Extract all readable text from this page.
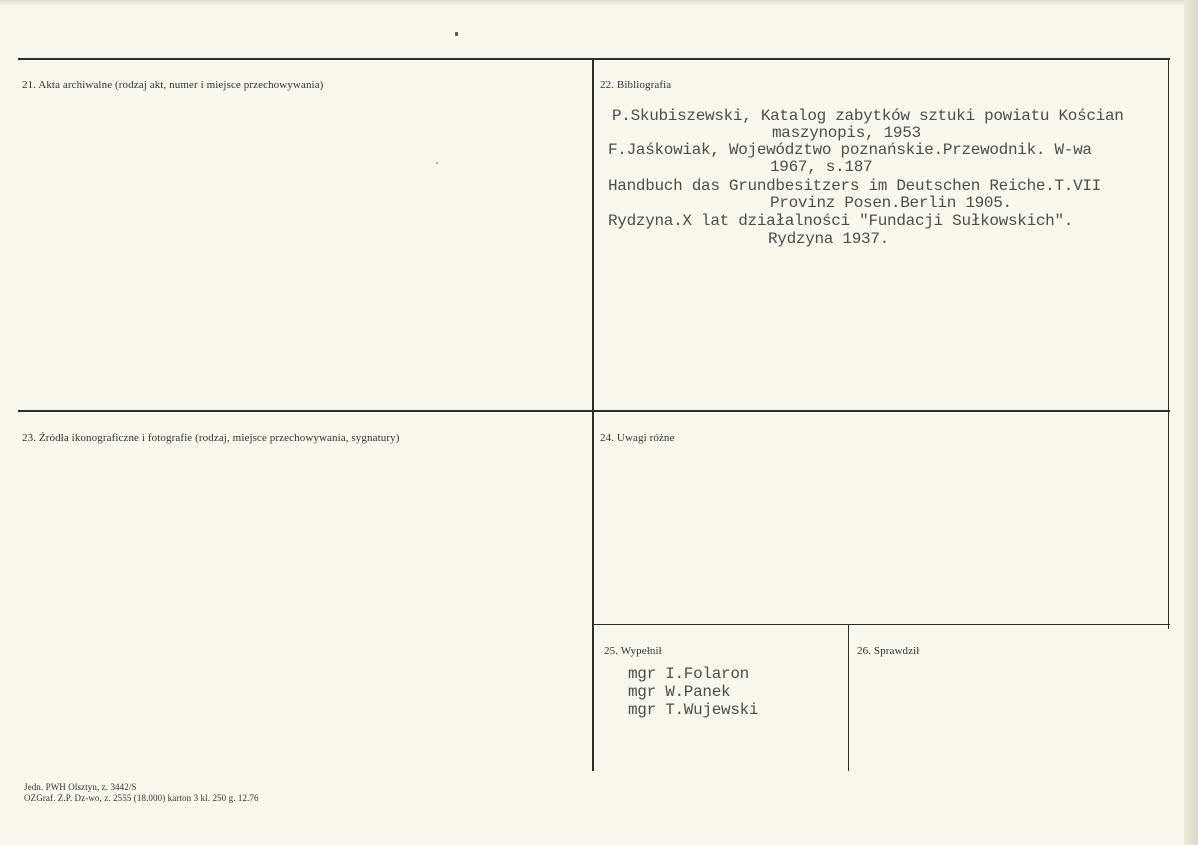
21. Akta archiwalne (rodzaj akt, numer i miejsce przechowywania)	22. Bibliografia
P.Skubiszewski, Katalog zabytków sztuki powiatu Kościan
maszynopis, 1953
F.Jaśkowiak, Województwo poznańskie.Przewodnik. W-wa
1967, s.187
Handbuch das Grundbesitzers im Deutschen Reiche.T.VII
Provinz Posen.Berlin 1905.
Rydzyna.X lat działalności "Fundacji Sułkowskich".
Rydzyna 1937.
23. Źródła ikonograficzne i fotografie (rodzaj, miejsce przechowywania, sygnatury)	24. Uwagi różne
25. Wypełnił
mgr I.Folaron
mgr W.Panek
mgr T.Wujewski
26. Sprawdził
Jedn. PWH Olsztyn, z. 3442/S
OZGraf. Z.P. Dz-wo, z. 2555 (18.000) karton 3 kl. 250 g. 12.76
